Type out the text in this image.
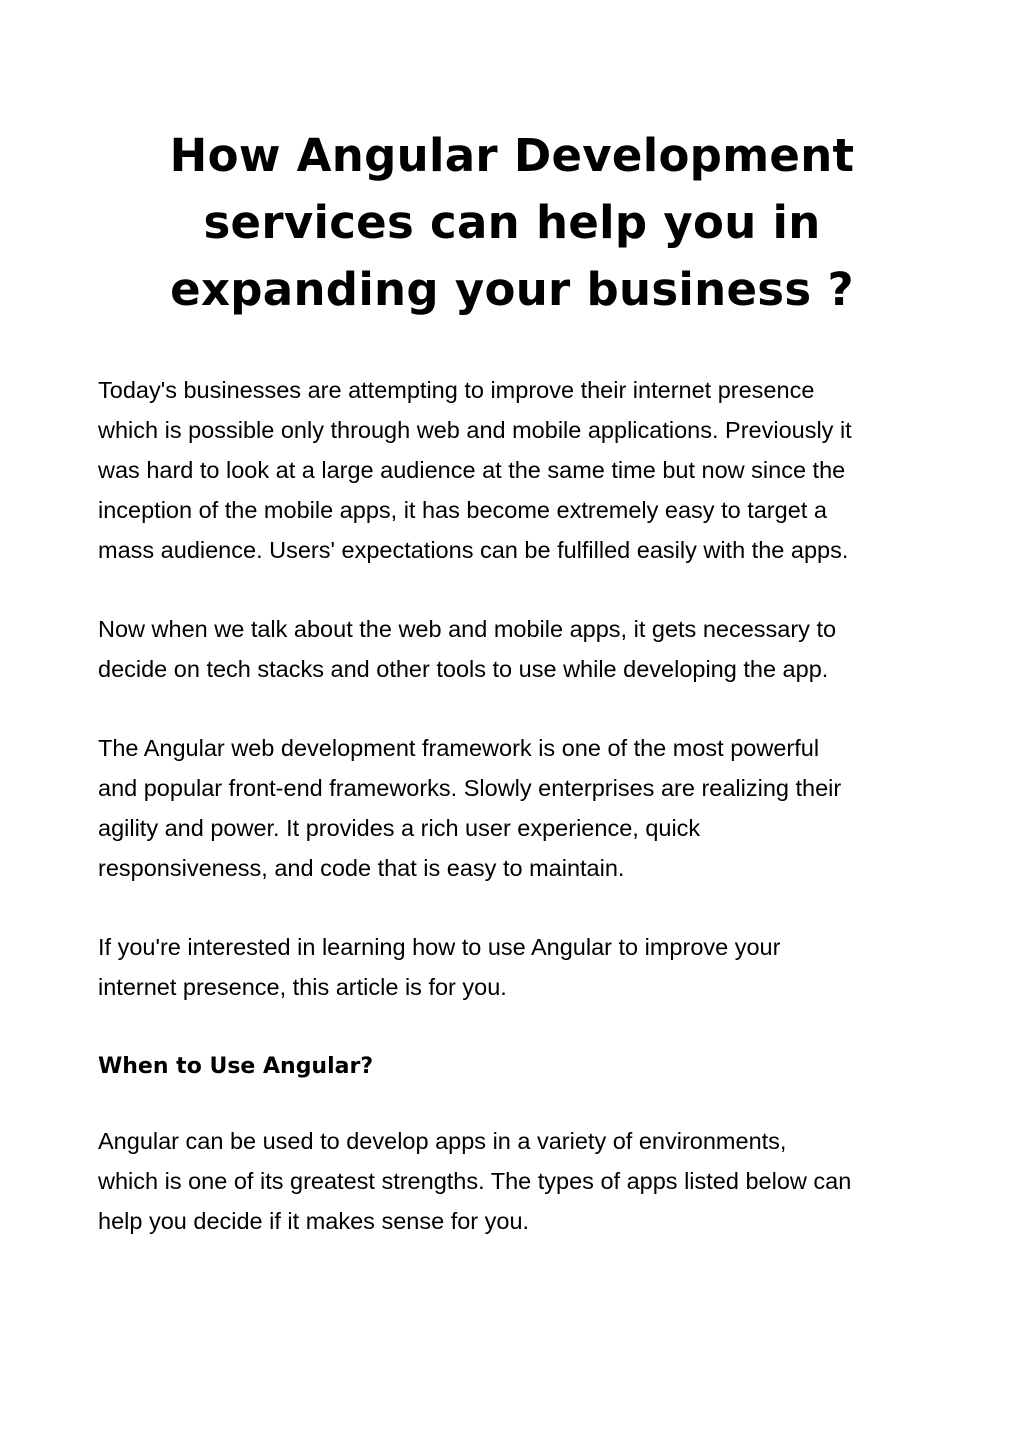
How Angular Development
services can help you in
expanding your business ?

Today's businesses are attempting to improve their internet presence
which is possible only through web and mobile applications. Previously it
was hard to look at a large audience at the same time but now since the
inception of the mobile apps, it has become extremely easy to target a
mass audience. Users' expectations can be fulfilled easily with the apps.

Now when we talk about the web and mobile apps, it gets necessary to
decide on tech stacks and other tools to use while developing the app.

The Angular web development framework is one of the most powerful
and popular front-end frameworks. Slowly enterprises are realizing their
agility and power. It provides a rich user experience, quick
responsiveness, and code that is easy to maintain.

If you're interested in learning how to use Angular to improve your
internet presence, this article is for you.

When to Use Angular?

Angular can be used to develop apps in a variety of environments,
which is one of its greatest strengths. The types of apps listed below can
help you decide if it makes sense for you.
